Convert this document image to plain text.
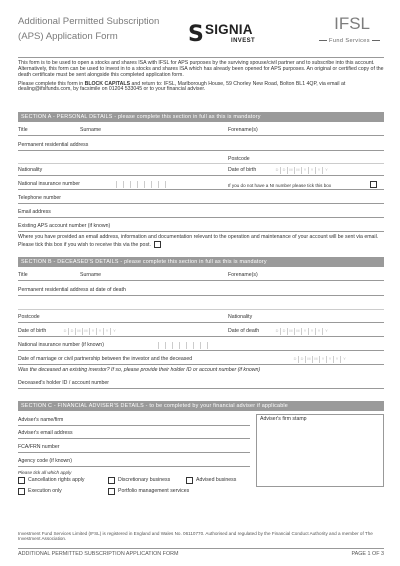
Additional Permitted Subscription
(APS) Application Form	S SIGNIA
INVEST
IFSL
Fund Services

This form is to be used to open a stocks and shares ISA with IFSL for APS purposes by the surviving spouse/civil partner and to subscribe into this account. Alternatively, this form can be used to invest in to a stocks and shares ISA which has already been opened for APS purposes. An original or certified copy of the death certificate must be sent alongside this completed application form.

Please complete this form in BLOCK CAPITALS and return to: IFSL, Marlborough House, 59 Chorley New Road, Bolton BL1 4QP, via email at dealing@ifslfunds.com, by facsimile on 01204 533045 or to your financial adviser.

SECTION A - PERSONAL DETAILS - please complete this section in full as this is mandatory
Title	Surname	Forename(s)
Permanent residential address
Postcode
Nationality	Date of birth	D	D	M	M	Y	Y	Y	Y
National insurance number	If you do not have a NI number please tick this box
Telephone number
Email address
Existing APS account number (if known)
Where you have provided an email address, information and documentation relevant to the operation and maintenance of your account will be sent via email. Please tick this box if you wish to receive this via the post.
SECTION B - DECEASED'S DETAILS - please complete this section in full as this is mandatory
Title	Surname	Forename(s)
Permanent residential address at date of death
Postcode	Nationality
Date of birth	D	D	M	M	Y	Y	Y	Y	Date of death	D	D	M	M	Y	Y	Y	Y
National insurance number (if known)
Date of marriage or civil partnership between the investor and the deceased	D	D	M	M	Y	Y	Y	Y
Was the deceased an existing investor? If so, please provide their holder ID or account number (if known)
Deceased's holder ID / account number
SECTION C - FINANCIAL ADVISER'S DETAILS - to be completed by your financial adviser if applicable
Adviser's name/firm
Adviser's email address
FCA/FRN number
Agency code (if known)
Please tick all which apply
Cancellation rights apply	Discretionary business	Advised business
Execution only	Portfolio management services
Adviser's firm stamp
Investment Fund Services Limited (IFSL) is registered in England and Wales No. 06110770. Authorised and regulated by the Financial Conduct Authority and a member of The Investment Association.
ADDITIONAL PERMITTED SUBSCRIPTION APPLICATION FORM	PAGE 1 OF 3
